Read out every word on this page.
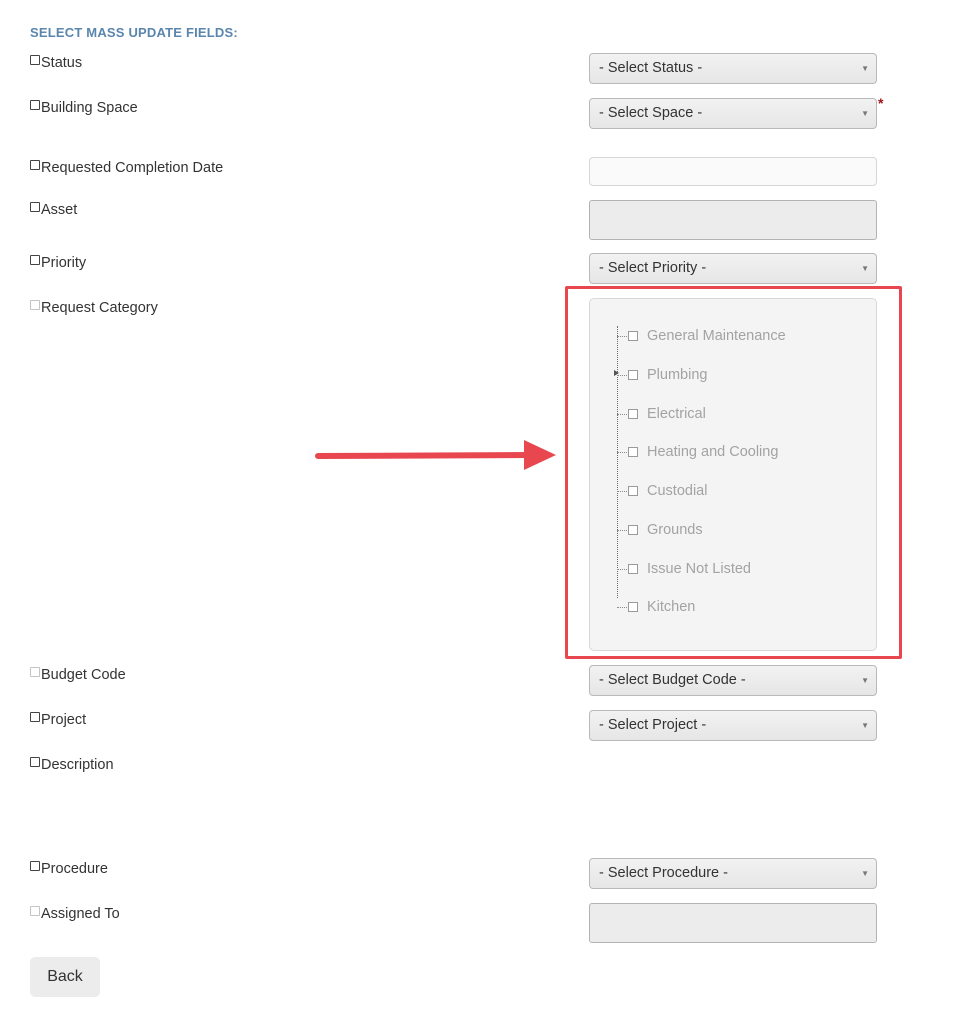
SELECT MASS UPDATE FIELDS:
Status	- Select Status -	▼
Building Space	- Select Space -	▼
*
Requested Completion Date
Asset
Priority	- Select Priority -	▼
Request Category
General Maintenance
Plumbing
Electrical
Heating and Cooling
Custodial
Grounds
Issue Not Listed
Kitchen
Budget Code	- Select Budget Code -	▼
Project	- Select Project -	▼
Description
Procedure	- Select Procedure -	▼
Assigned To
Back
